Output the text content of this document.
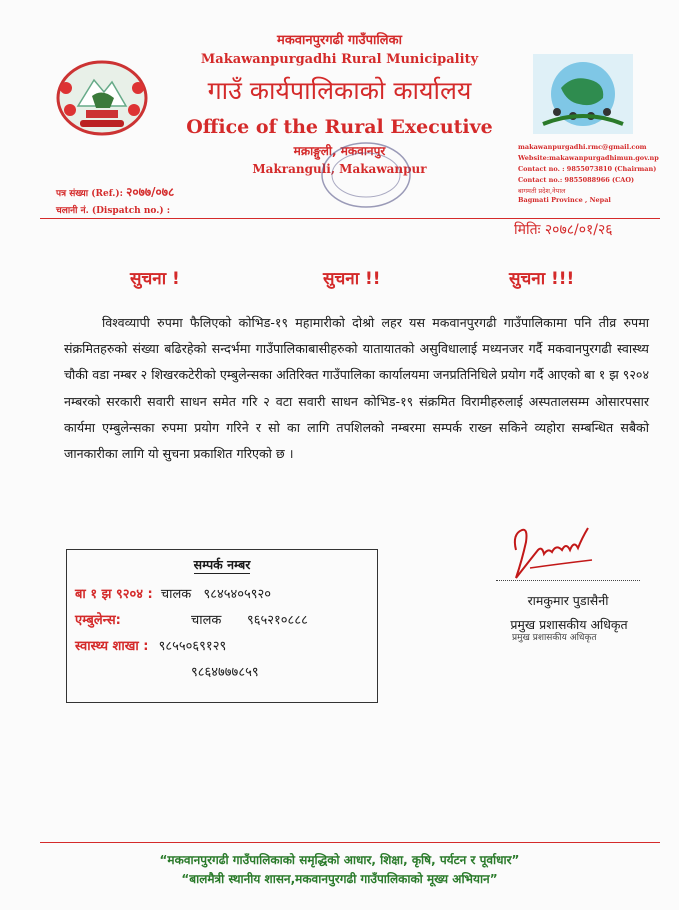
मकवानपुरगढी गाउँपालिका
Makawanpurgadhi Rural Municipality
गाउँ कार्यपालिकाको कार्यालय
Office of the Rural Executive
मक्राङ्गुली, मकवानपुर
Makranguli, Makawanpur
makawanpurgadhi.rmc@gmail.com
Website:makawanpurgadhimun.gov.np
Contact no. : 9855073810 (Chairman)
Contact no.: 9855088966 (CAO)
बागमती प्रदेश,नेपाल
Bagmati Province , Nepal
पत्र संख्या (Ref.): २०७७/०७८
चलानी नं. (Dispatch no.) :
मितिः २०७८/०१/२६
सुचना !	सुचना !!	सुचना !!!
विश्वव्यापी रुपमा फैलिएको कोभिड-१९ महामारीको दोश्रो लहर यस मकवानपुरगढी गाउँपालिकामा पनि तीव्र रुपमा संक्रमितहरुको संख्या बढिरहेको सन्दर्भमा गाउँपालिकाबासीहरुको यातायातको असुविधालाई मध्यनजर गर्दै मकवानपुरगढी स्वास्थ्य चौकी वडा नम्बर २ शिखरकटेरीको एम्बुलेन्सका अतिरिक्त गाउँपालिका कार्यालयमा जनप्रतिनिधिले प्रयोग गर्दै आएको बा १ झ ९२०४ नम्बरको सरकारी सवारी साधन समेत गरि २ वटा सवारी साधन कोभिड-१९ संक्रमित विरामीहरुलाई अस्पतालसम्म ओसारपसार कार्यमा एम्बुलेन्सका रुपमा प्रयोग गरिने र सो का लागि तपशिलको नम्बरमा सम्पर्क राख्न सकिने व्यहोरा सम्बन्धित सबैको जानकारीका लागि यो सुचना प्रकाशित गरिएको छ ।
सम्पर्क नम्बर
बा १ झ ९२०४ : चालक ९८४५४०५९२०
एम्बुलेन्स:	चालक ९६५२१०८८८
स्वास्थ्य शाखा : ९८५५०६९१२९
९८६४७७७८५९
रामकुमार पुडासैनी
प्रमुख प्रशासकीय अधिकृत
प्रमुख प्रशासकीय अधिकृत
“मकवानपुरगढी गाउँपालिकाको समृद्धिको आधार, शिक्षा, कृषि, पर्यटन र पूर्वाधार”
“बालमैत्री स्थानीय शासन,मकवानपुरगढी गाउँपालिकाको मूख्य अभियान”
